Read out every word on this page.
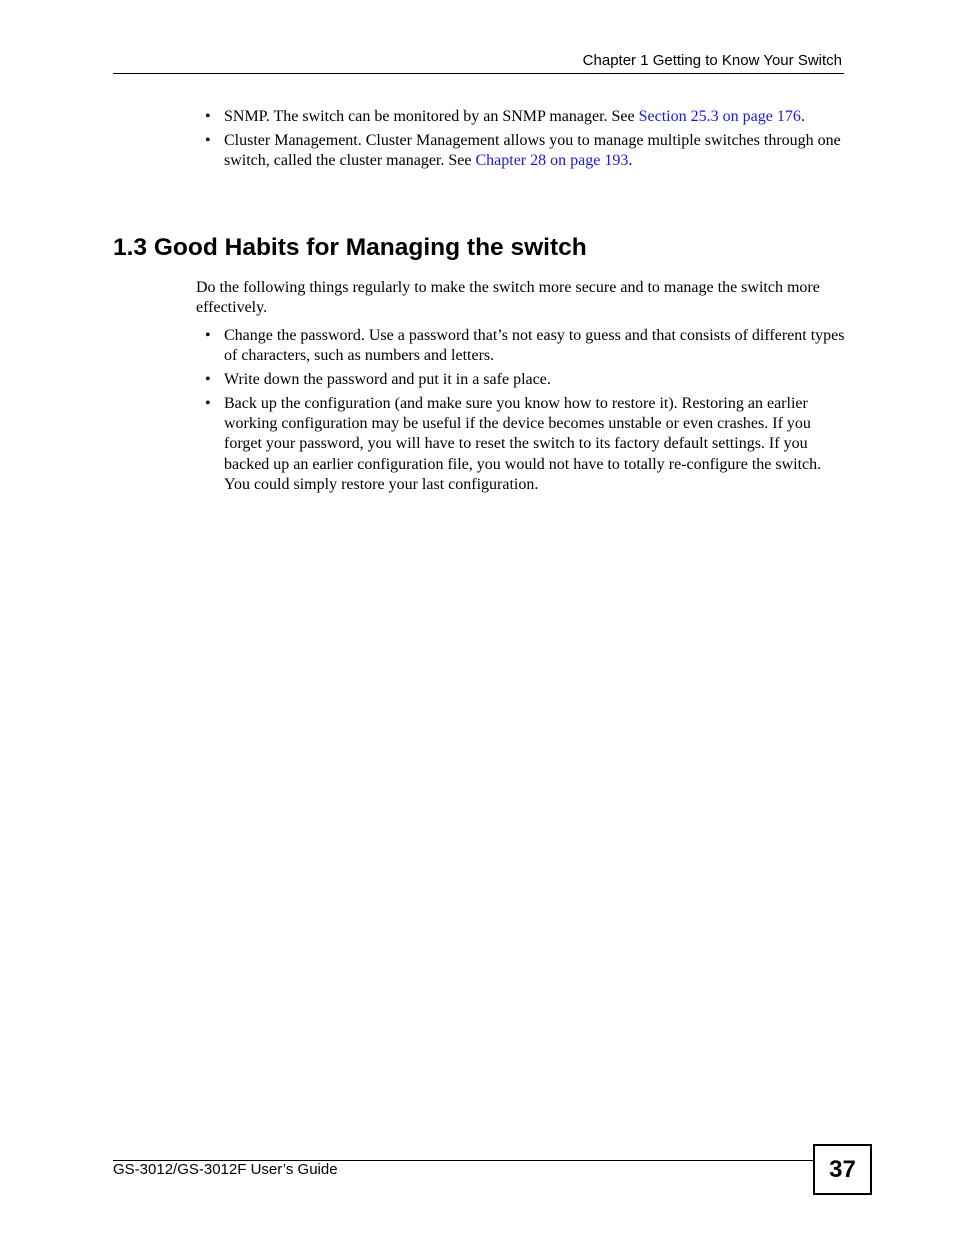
Chapter 1 Getting to Know Your Switch
• SNMP. The switch can be monitored by an SNMP manager. See Section 25.3 on page 176.
• Cluster Management. Cluster Management allows you to manage multiple switches through one switch, called the cluster manager. See Chapter 28 on page 193.
1.3 Good Habits for Managing the switch

Do the following things regularly to make the switch more secure and to manage the switch more effectively.

• Change the password. Use a password that’s not easy to guess and that consists of different types of characters, such as numbers and letters.
• Write down the password and put it in a safe place.
• Back up the configuration (and make sure you know how to restore it). Restoring an earlier working configuration may be useful if the device becomes unstable or even crashes. If you forget your password, you will have to reset the switch to its factory default settings. If you backed up an earlier configuration file, you would not have to totally re-configure the switch. You could simply restore your last configuration.
GS-3012/GS-3012F User’s Guide	37
